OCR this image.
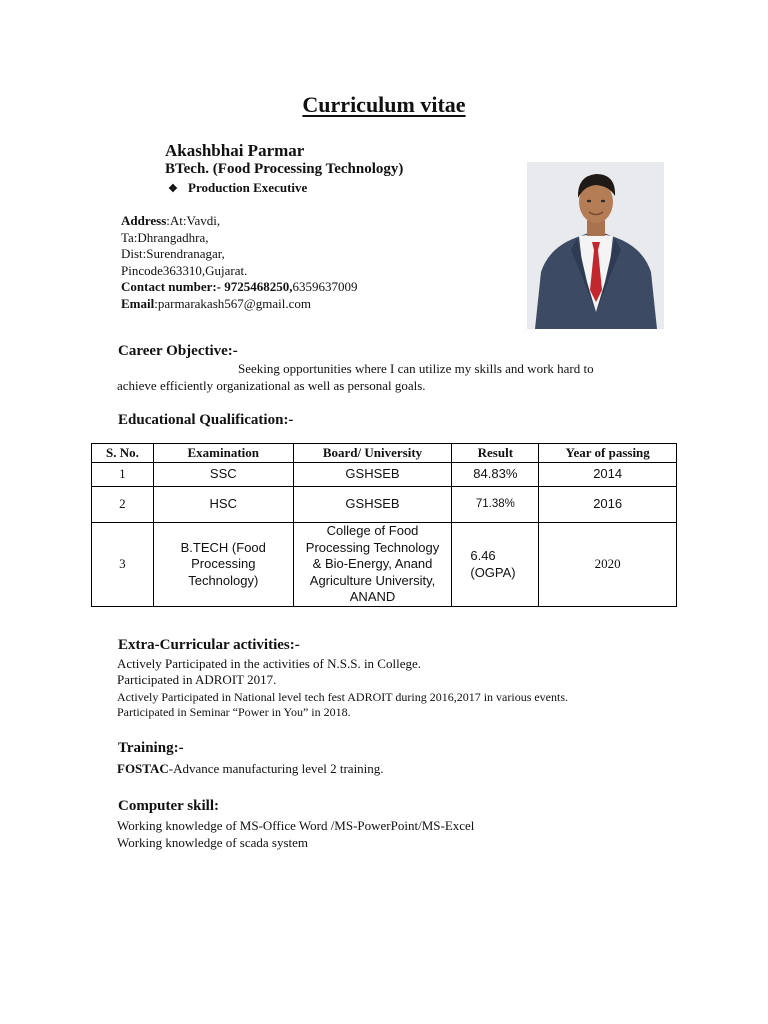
Curriculum vitae
Akashbhai Parmar
BTech. (Food Processing Technology)
❖ Production Executive
Address:At:Vavdi,
Ta:Dhrangadhra,
Dist:Surendranagar,
Pincode363310,Gujarat.
Contact number:- 9725468250,6359637009
Email:parmarakash567@gmail.com
Career Objective:-
Seeking opportunities where I can utilize my skills and work hard to
achieve efficiently organizational as well as personal goals.
Educational Qualification:-
S. No.	Examination	Board/ University	Result	Year of passing
1	SSC	GSHSEB	84.83%	2014
2	HSC	GSHSEB	71.38%	2016
3	B.TECH (Food Processing Technology)	College of Food Processing Technology & Bio-Energy, Anand Agriculture University, ANAND	6.46 (OGPA)	2020
Extra-Curricular activities:-
Actively Participated in the activities of N.S.S. in College.
Participated in ADROIT 2017.
Actively Participated in National level tech fest ADROIT during 2016,2017 in various events.
Participated in Seminar “Power in You” in 2018.
Training:-
FOSTAC-Advance manufacturing level 2 training.
Computer skill:
Working knowledge of MS-Office Word /MS-PowerPoint/MS-Excel
Working knowledge of scada system
